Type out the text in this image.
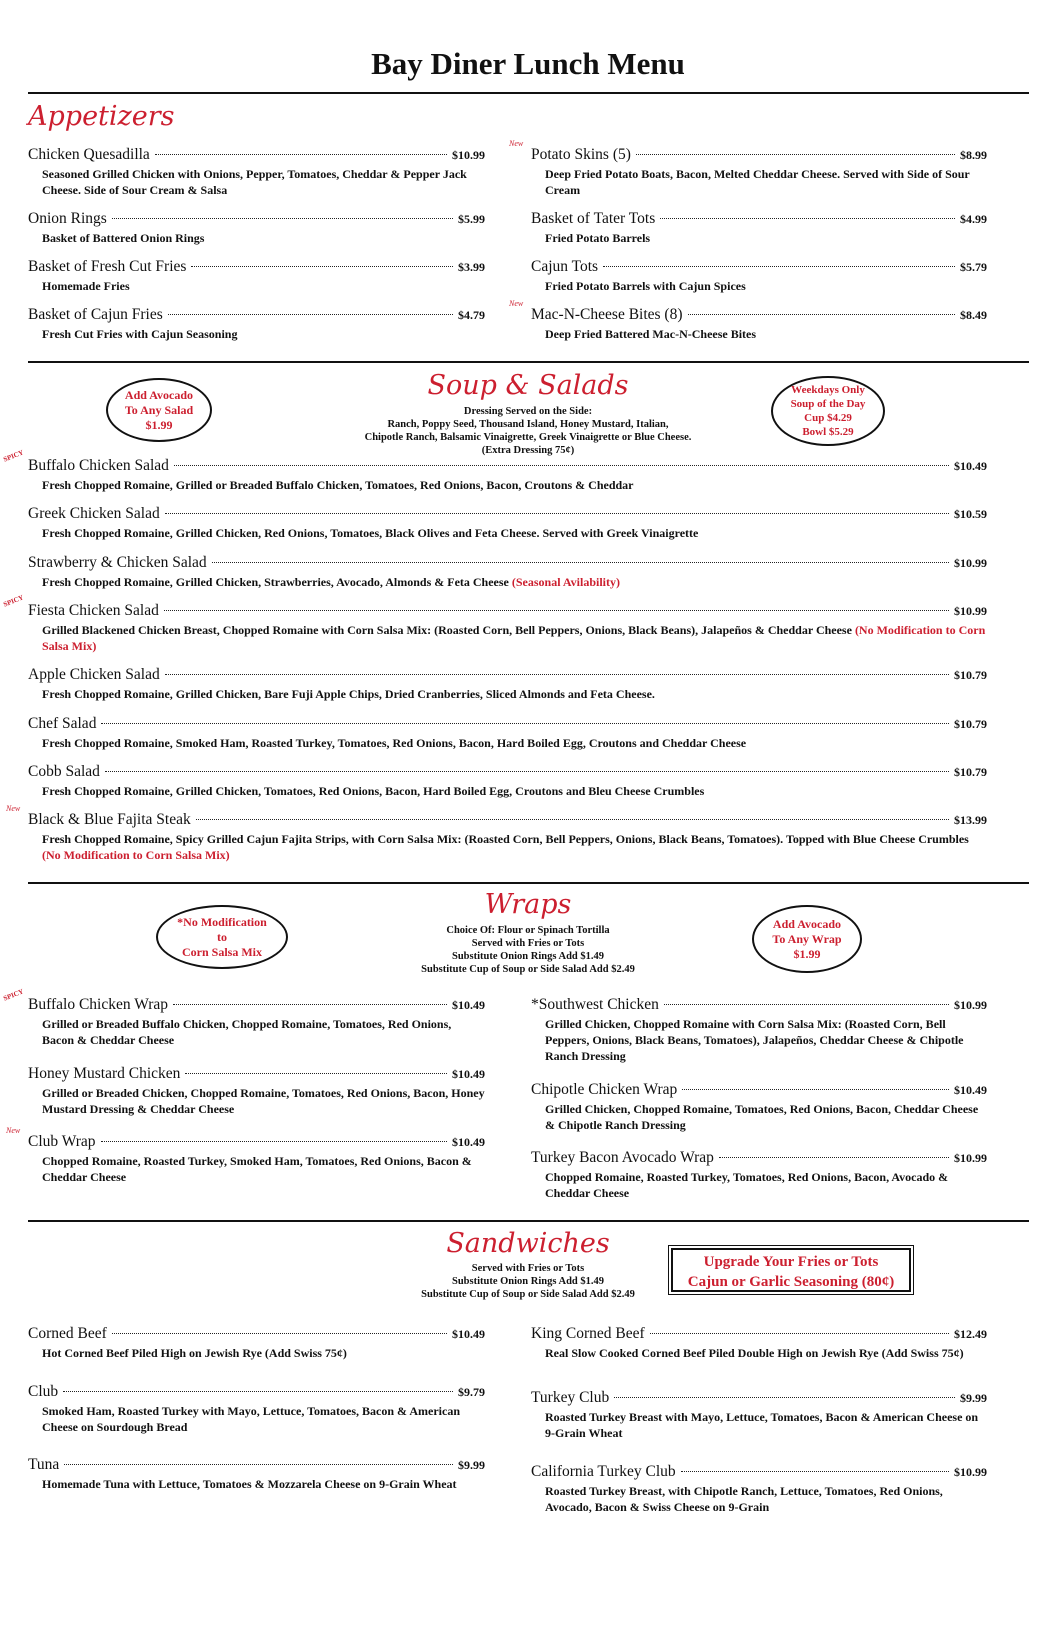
Bay Diner Lunch Menu
Appetizers
Chicken Quesadilla	$10.99
Seasoned Grilled Chicken with Onions, Pepper, Tomatoes, Cheddar & Pepper Jack Cheese. Side of Sour Cream & Salsa
Onion Rings	$5.99
Basket of Battered Onion Rings
Basket of Fresh Cut Fries	$3.99
Homemade Fries
Basket of Cajun Fries	$4.79
Fresh Cut Fries with Cajun Seasoning
New
Potato Skins (5)	$8.99
Deep Fried Potato Boats, Bacon, Melted Cheddar Cheese. Served with Side of Sour Cream
Basket of Tater Tots	$4.99
Fried Potato Barrels
Cajun Tots	$5.79
Fried Potato Barrels with Cajun Spices
New
Mac-N-Cheese Bites (8)	$8.49
Deep Fried Battered Mac-N-Cheese Bites
Soup & Salads
Dressing Served on the Side:
Ranch, Poppy Seed, Thousand Island, Honey Mustard, Italian,
Chipotle Ranch, Balsamic Vinaigrette, Greek Vinaigrette or Blue Cheese.
(Extra Dressing 75¢)
Add Avocado
To Any Salad
$1.99
Weekdays Only
Soup of the Day
Cup $4.29
Bowl $5.29
SPICY
Buffalo Chicken Salad	$10.49
Fresh Chopped Romaine, Grilled or Breaded Buffalo Chicken, Tomatoes, Red Onions, Bacon, Croutons & Cheddar
Greek Chicken Salad	$10.59
Fresh Chopped Romaine, Grilled Chicken, Red Onions, Tomatoes, Black Olives and Feta Cheese. Served with Greek Vinaigrette
Strawberry & Chicken Salad	$10.99
Fresh Chopped Romaine, Grilled Chicken, Strawberries, Avocado, Almonds & Feta Cheese (Seasonal Avilability)
SPICY
Fiesta Chicken Salad	$10.99
Grilled Blackened Chicken Breast, Chopped Romaine with Corn Salsa Mix: (Roasted Corn, Bell Peppers, Onions, Black Beans), Jalapeños & Cheddar Cheese (No Modification to Corn Salsa Mix)
Apple Chicken Salad	$10.79
Fresh Chopped Romaine, Grilled Chicken, Bare Fuji Apple Chips, Dried Cranberries, Sliced Almonds and Feta Cheese.
Chef Salad	$10.79
Fresh Chopped Romaine, Smoked Ham, Roasted Turkey, Tomatoes, Red Onions, Bacon, Hard Boiled Egg, Croutons and Cheddar Cheese
Cobb Salad	$10.79
Fresh Chopped Romaine, Grilled Chicken, Tomatoes, Red Onions, Bacon, Hard Boiled Egg, Croutons and Bleu Cheese Crumbles
New
Black & Blue Fajita Steak	$13.99
Fresh Chopped Romaine, Spicy Grilled Cajun Fajita Strips, with Corn Salsa Mix: (Roasted Corn, Bell Peppers, Onions, Black Beans, Tomatoes). Topped with Blue Cheese Crumbles (No Modification to Corn Salsa Mix)
Wraps
Choice Of: Flour or Spinach Tortilla
Served with Fries or Tots
Substitute Onion Rings Add $1.49
Substitute Cup of Soup or Side Salad Add $2.49
*No Modification
to
Corn Salsa Mix
Add Avocado
To Any Wrap
$1.99
SPICY
Buffalo Chicken Wrap	$10.49
Grilled or Breaded Buffalo Chicken, Chopped Romaine, Tomatoes, Red Onions, Bacon & Cheddar Cheese
Honey Mustard Chicken	$10.49
Grilled or Breaded Chicken, Chopped Romaine, Tomatoes, Red Onions, Bacon, Honey Mustard Dressing & Cheddar Cheese
New
Club Wrap	$10.49
Chopped Romaine, Roasted Turkey, Smoked Ham, Tomatoes, Red Onions, Bacon & Cheddar Cheese
*Southwest Chicken	$10.99
Grilled Chicken, Chopped Romaine with Corn Salsa Mix: (Roasted Corn, Bell Peppers, Onions, Black Beans, Tomatoes), Jalapeños, Cheddar Cheese & Chipotle Ranch Dressing
Chipotle Chicken Wrap	$10.49
Grilled Chicken, Chopped Romaine, Tomatoes, Red Onions, Bacon, Cheddar Cheese & Chipotle Ranch Dressing
Turkey Bacon Avocado Wrap	$10.99
Chopped Romaine, Roasted Turkey, Tomatoes, Red Onions, Bacon, Avocado & Cheddar Cheese
Sandwiches
Served with Fries or Tots
Substitute Onion Rings Add $1.49
Substitute Cup of Soup or Side Salad Add $2.49
Upgrade Your Fries or Tots
Cajun or Garlic Seasoning (80¢)
Corned Beef	$10.49
Hot Corned Beef Piled High on Jewish Rye (Add Swiss 75¢)
Club	$9.79
Smoked Ham, Roasted Turkey with Mayo, Lettuce, Tomatoes, Bacon & American Cheese on Sourdough Bread
Tuna	$9.99
Homemade Tuna with Lettuce, Tomatoes & Mozzarela Cheese on 9-Grain Wheat
King Corned Beef	$12.49
Real Slow Cooked Corned Beef Piled Double High on Jewish Rye (Add Swiss 75¢)
Turkey Club	$9.99
Roasted Turkey Breast with Mayo, Lettuce, Tomatoes, Bacon & American Cheese on 9-Grain Wheat
California Turkey Club	$10.99
Roasted Turkey Breast, with Chipotle Ranch, Lettuce, Tomatoes, Red Onions, Avocado, Bacon & Swiss Cheese on 9-Grain
